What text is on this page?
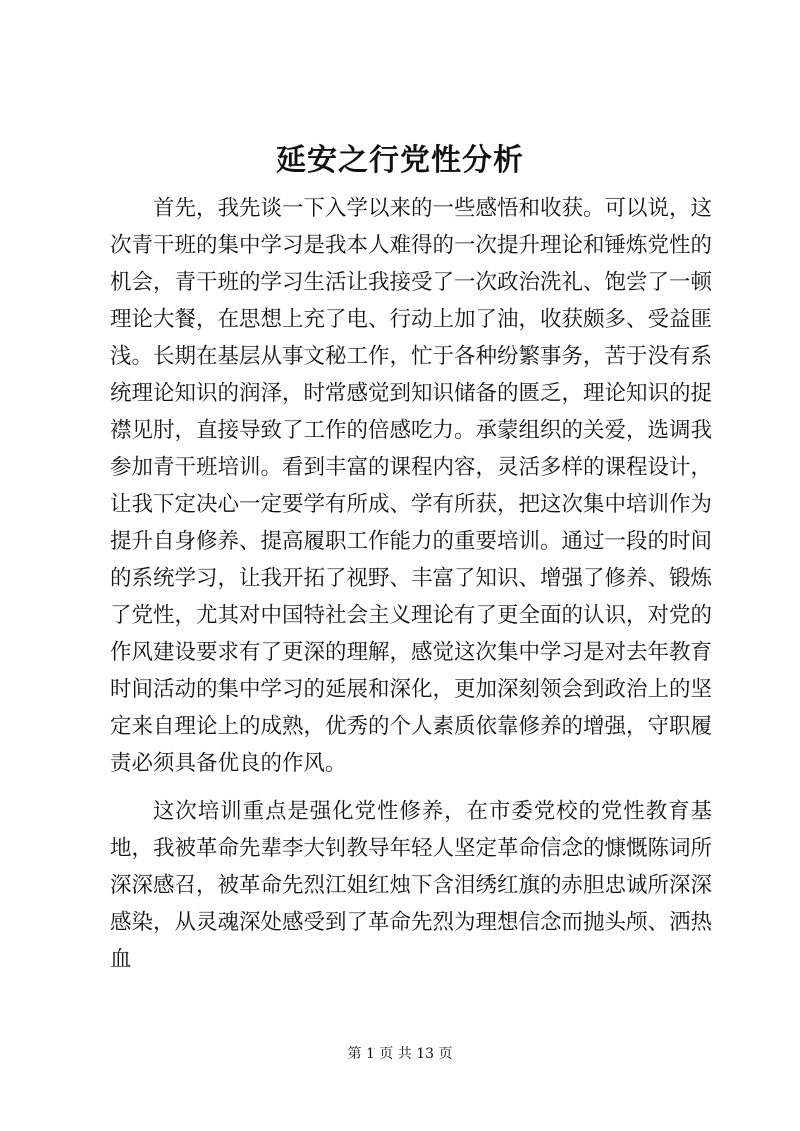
延安之行党性分析

首先，我先谈一下入学以来的一些感悟和收获。可以说，这次青干班的集中学习是我本人难得的一次提升理论和锤炼党性的机会，青干班的学习生活让我接受了一次政治洗礼、饱尝了一顿理论大餐，在思想上充了电、行动上加了油，收获颇多、受益匪浅。长期在基层从事文秘工作，忙于各种纷繁事务，苦于没有系统理论知识的润泽，时常感觉到知识储备的匮乏，理论知识的捉襟见肘，直接导致了工作的倍感吃力。承蒙组织的关爱，选调我参加青干班培训。看到丰富的课程内容，灵活多样的课程设计，让我下定决心一定要学有所成、学有所获，把这次集中培训作为提升自身修养、提高履职工作能力的重要培训。通过一段的时间的系统学习，让我开拓了视野、丰富了知识、增强了修养、锻炼了党性，尤其对中国特社会主义理论有了更全面的认识，对党的作风建设要求有了更深的理解，感觉这次集中学习是对去年教育时间活动的集中学习的延展和深化，更加深刻领会到政治上的坚定来自理论上的成熟，优秀的个人素质依靠修养的增强，守职履责必须具备优良的作风。

这次培训重点是强化党性修养，在市委党校的党性教育基地，我被革命先辈李大钊教导年轻人坚定革命信念的慷慨陈词所深深感召，被革命先烈江姐红烛下含泪绣红旗的赤胆忠诚所深深感染，从灵魂深处感受到了革命先烈为理想信念而抛头颅、洒热血

第 1 页 共 13 页
